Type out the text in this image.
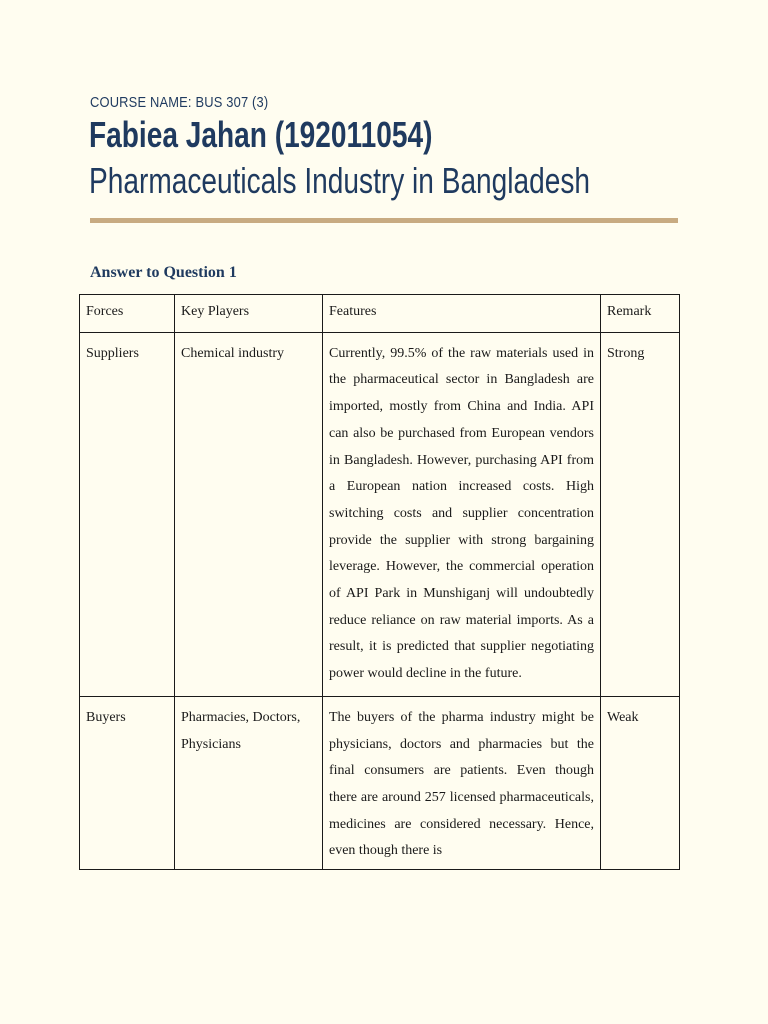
COURSE NAME: BUS 307 (3)
Fabiea Jahan (192011054)
Pharmaceuticals Industry in Bangladesh
Answer to Question 1
Forces	Key Players	Features	Remark
Suppliers	Chemical industry	Currently, 99.5% of the raw materials used in the pharmaceutical sector in Bangladesh are imported, mostly from China and India. API can also be purchased from European vendors in Bangladesh. However, purchasing API from a European nation increased costs. High switching costs and supplier concentration provide the supplier with strong bargaining leverage. However, the commercial operation of API Park in Munshiganj will undoubtedly reduce reliance on raw material imports. As a result, it is predicted that supplier negotiating power would decline in the future.	Strong

Buyers	Pharmacies, Doctors, Physicians	The buyers of the pharma industry might be physicians, doctors and pharmacies but the final consumers are patients. Even though there are around 257 licensed pharmaceuticals, medicines are considered necessary. Hence, even though there is	Weak
